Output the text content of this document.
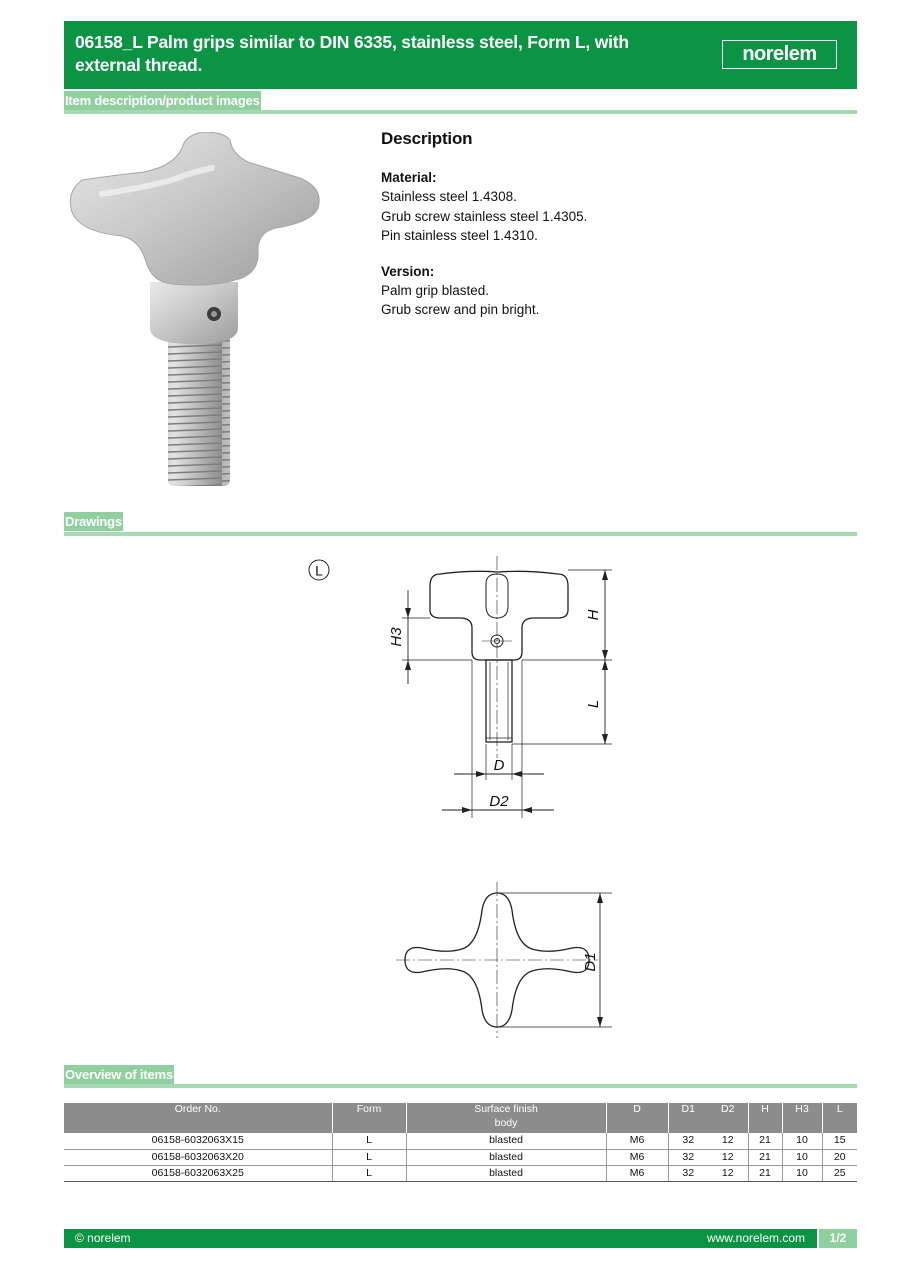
06158_L Palm grips similar to DIN 6335, stainless steel, Form L, with external thread.	norelem
Item description/product images
Description
Material:
Stainless steel 1.4308.
Grub screw stainless steel 1.4305.
Pin stainless steel 1.4310.
Version:
Palm grip blasted.
Grub screw and pin bright.
Drawings
L
H
L
H3
D
D2
D1
Overview of items
Order No.	Form	Surface finish body	D	D1	D2	H	H3	L
06158-6032063X15	L	blasted	M6	32	12	21	10	15
06158-6032063X20	L	blasted	M6	32	12	21	10	20
06158-6032063X25	L	blasted	M6	32	12	21	10	25
© norelem	www.norelem.com	1/2
